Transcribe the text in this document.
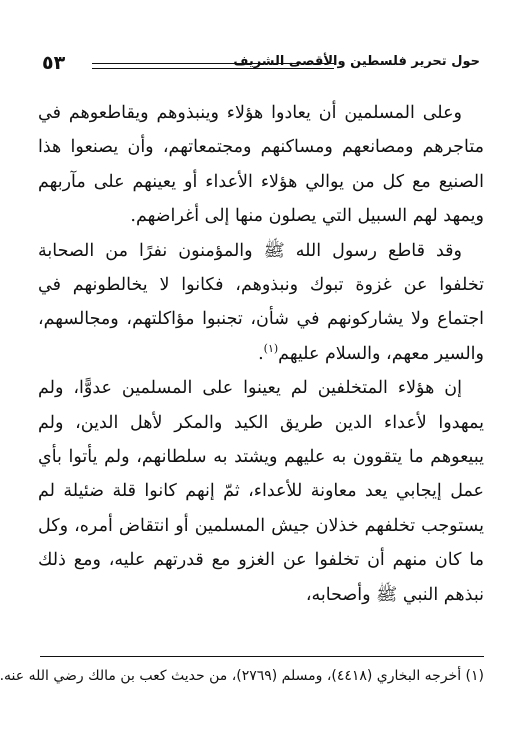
٥٣	حول تحرير فلسطين والأقصى الشريف

وعلى المسلمين أن يعادوا هؤلاء وينبذوهم ويقاطعوهم في متاجرهم ومصانعهم ومساكنهم ومجتمعاتهم، وأن يصنعوا هذا الصنيع مع كل من يوالي هؤلاء الأعداء أو يعينهم على مآربهم ويمهد لهم السبيل التي يصلون منها إلى أغراضهم.

وقد قاطع رسول الله ﷺ والمؤمنون نفرًا من الصحابة تخلفوا عن غزوة تبوك ونبذوهم، فكانوا لا يخالطونهم في اجتماع ولا يشاركونهم في شأن، تجنبوا مؤاكلتهم، ومجالسهم، والسير معهم، والسلام عليهم$^{(١)}$.

إن هؤلاء المتخلفين لم يعينوا على المسلمين عدوًّا، ولم يمهدوا لأعداء الدين طريق الكيد والمكر لأهل الدين، ولم يبيعوهم ما يتقوون به عليهم ويشتد به سلطانهم، ولم يأتوا بأي عمل إيجابي يعد معاونة للأعداء، ثمّ إنهم كانوا قلة ضئيلة لم يستوجب تخلفهم خذلان جيش المسلمين أو انتقاض أمره، وكل ما كان منهم أن تخلفوا عن الغزو مع قدرتهم عليه، ومع ذلك نبذهم النبي ﷺ وأصحابه،

(١) أخرجه البخاري (٤٤١٨)، ومسلم (٢٧٦٩)، من حديث كعب بن مالك رضي الله عنه.
